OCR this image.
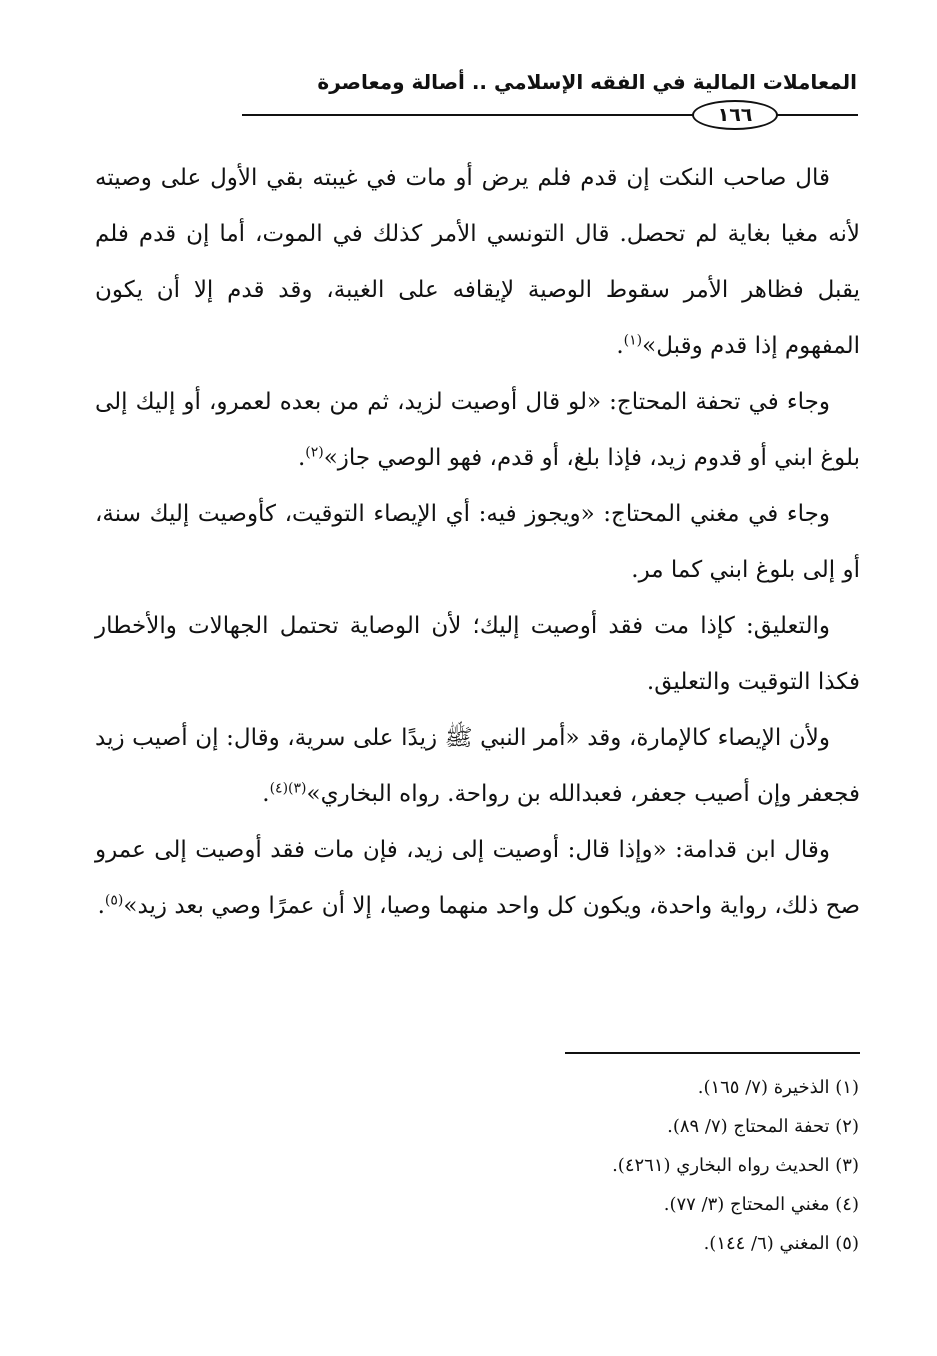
المعاملات المالية في الفقه الإسلامي .. أصالة ومعاصرة
١٦٦

قال صاحب النكت إن قدم فلم يرض أو مات في غيبته بقي الأول على وصيته لأنه مغيا بغاية لم تحصل. قال التونسي الأمر كذلك في الموت، أما إن قدم فلم يقبل فظاهر الأمر سقوط الوصية لإيقافه على الغيبة، وقد قدم إلا أن يكون المفهوم إذا قدم وقبل»$^{(١)}$.

وجاء في تحفة المحتاج: «لو قال أوصيت لزيد، ثم من بعده لعمرو، أو إليك إلى بلوغ ابني أو قدوم زيد، فإذا بلغ، أو قدم، فهو الوصي جاز»$^{(٢)}$.

وجاء في مغني المحتاج: «ويجوز فيه: أي الإيصاء التوقيت، كأوصيت إليك سنة، أو إلى بلوغ ابني كما مر.

والتعليق: كإذا مت فقد أوصيت إليك؛ لأن الوصاية تحتمل الجهالات والأخطار فكذا التوقيت والتعليق.

ولأن الإيصاء كالإمارة، وقد «أمر النبي ﷺ زيدًا على سرية، وقال: إن أصيب زيد فجعفر وإن أصيب جعفر، فعبدالله بن رواحة. رواه البخاري»$^{(٣)(٤)}$.

وقال ابن قدامة: «وإذا قال: أوصيت إلى زيد، فإن مات فقد أوصيت إلى عمرو صح ذلك، رواية واحدة، ويكون كل واحد منهما وصيا، إلا أن عمرًا وصي بعد زيد»$^{(٥)}$.

(١) الذخيرة (٧/ ١٦٥).
(٢) تحفة المحتاج (٧/ ٨٩).
(٣) الحديث رواه البخاري (٤٢٦١).
(٤) مغني المحتاج (٣/ ٧٧).
(٥) المغني (٦/ ١٤٤).
